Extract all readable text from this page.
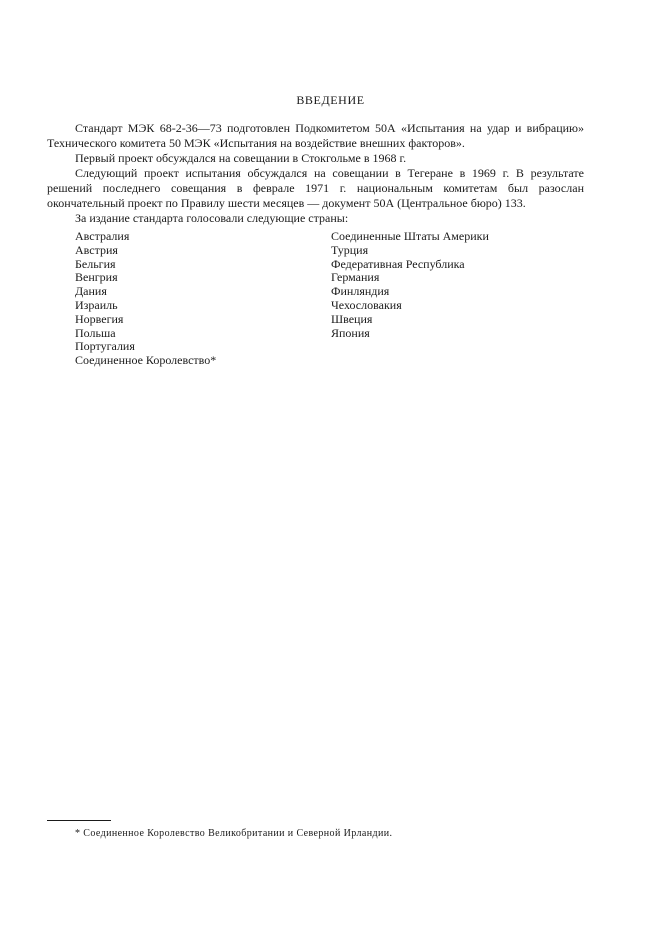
ВВЕДЕНИЕ
Стандарт МЭК 68-2-36—73 подготовлен Подкомитетом 50А «Испытания на удар и вибрацию» Технического комитета 50 МЭК «Испытания на воздействие внешних факторов».
Первый проект обсуждался на совещании в Стокгольме в 1968 г.
Следующий проект испытания обсуждался на совещании в Тегеране в 1969 г. В результате решений последнего совещания в феврале 1971 г. национальным комитетам был разослан окончательный проект по Правилу шести месяцев — документ 50А (Центральное бюро) 133.
За издание стандарта голосовали следующие страны:
Австралия
Австрия
Бельгия
Венгрия
Дания
Израиль
Норвегия
Польша
Португалия
Соединенное Королевство*
Соединенные Штаты Америки
Турция
Федеративная Республика
Германия
Финляндия
Чехословакия
Швеция
Япония
* Соединенное Королевство Великобритании и Северной Ирландии.
